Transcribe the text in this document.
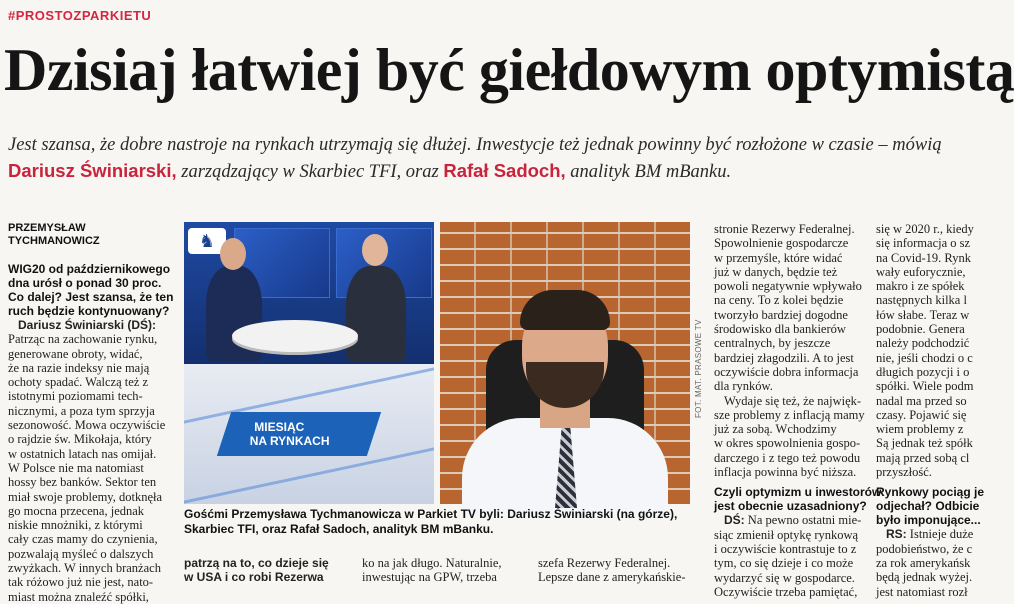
#PROSTOZPARKIETU
Dzisiaj łatwiej być giełdowym optymistą
Jest szansa, że dobre nastroje na rynkach utrzymają się dłużej. Inwestycje też jednak powinny być rozłożone w czasie – mówią Dariusz Świniarski, zarządzający w Skarbiec TFI, oraz Rafał Sadoch, analityk BM mBanku.
PRZEMYSŁAW
TYCHMANOWICZ

WIG20 od październikowego dna urósł o ponad 30 proc. Co dalej? Jest szansa, że ten ruch będzie kontynuowany?

Dariusz Świniarski (DŚ):

Patrząc na zachowanie rynku,
generowane obroty, widać,
że na razie indeksy nie mają
ochoty spadać. Walczą też z
istotnymi poziomami tech-
nicznymi, a poza tym sprzyja
sezonowość. Mowa oczywiście
o rajdzie św. Mikołaja, który
w ostatnich latach nas omijał.
W Polsce nie ma natomiast
hossy bez banków. Sektor ten
miał swoje problemy, dotknęła
go mocna przecena, jednak
niskie mnożniki, z którymi
cały czas mamy do czynienia,
pozwalają myśleć o dalszych
zwyżkach. W innych branżach
tak różowo już nie jest, nato-
miast można znaleźć spółki,
♞
MIESIĄC
NA RYNKACH
FOT. MAT. PRASOWE TV
Gośćmi Przemysława Tychmanowicza w Parkiet TV byli: Dariusz Świniarski (na górze), Skarbiec TFI, oraz Rafał Sadoch, analityk BM mBanku.
patrzą na to, co dzieje się
w USA i co robi Rezerwa
ko na jak długo. Naturalnie,
inwestując na GPW, trzeba
szefa Rezerwy Federalnej.
Lepsze dane z amerykańskie-
stronie Rezerwy Federalnej.
Spowolnienie gospodarcze
w przemyśle, które widać
już w danych, będzie też
powoli negatywnie wpływało
na ceny. To z kolei będzie
tworzyło bardziej dogodne
środowisko dla bankierów
centralnych, by jeszcze
bardziej złagodzili. A to jest
oczywiście dobra informacja
dla rynków.
Wydaje się też, że najwięk-
sze problemy z inflacją mamy
już za sobą. Wchodzimy
w okres spowolnienia gospo-
darczego i z tego też powodu
inflacja powinna być niższa.

Czyli optymizm u inwestorów jest obecnie uzasadniony?

DŚ: Na pewno ostatni mie-
siąc zmienił optykę rynkową
i oczywiście kontrastuje to z
tym, co się dzieje i co może
wydarzyć się w gospodarce.
Oczywiście trzeba pamiętać,
się w 2020 r., kiedy
się informacja o sz
na Covid-19. Rynk
wały euforycznie,
makro i ze spółek
następnych kilka l
łów słabe. Teraz w
podobnie. Genera
należy podchodzić
nie, jeśli chodzi o c
długich pozycji i o
spółki. Wiele podm
nadal ma przed so
czasy. Pojawić się
wiem problemy z
Są jednak też spółk
mają przed sobą cl
przyszłość.

Rynkowy pociąg je odjechał? Odbicie było imponujące...

RS: Istnieje duże
podobieństwo, że c
za rok amerykańsk
będą jednak wyżej.
jest natomiast rozł
